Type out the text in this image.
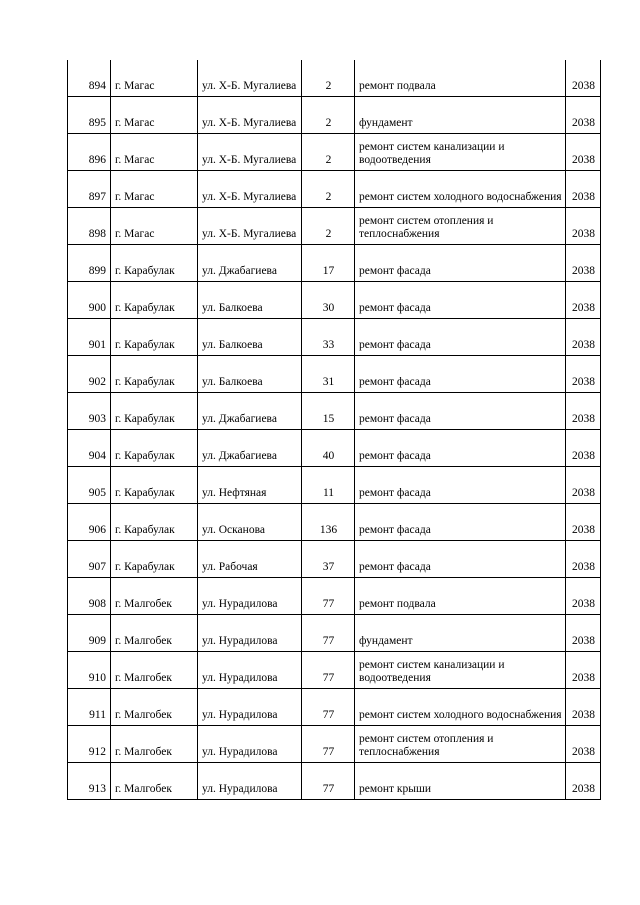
894	г. Магас	ул. Х-Б. Мугалиева	2	ремонт подвала	2038
895	г. Магас	ул. Х-Б. Мугалиева	2	фундамент	2038
896	г. Магас	ул. Х-Б. Мугалиева	2	ремонт систем канализации и водоотведения	2038
897	г. Магас	ул. Х-Б. Мугалиева	2	ремонт систем холодного водоснабжения	2038
898	г. Магас	ул. Х-Б. Мугалиева	2	ремонт систем отопления и теплоснабжения	2038
899	г. Карабулак	ул. Джабагиева	17	ремонт фасада	2038
900	г. Карабулак	ул. Балкоева	30	ремонт фасада	2038
901	г. Карабулак	ул. Балкоева	33	ремонт фасада	2038
902	г. Карабулак	ул. Балкоева	31	ремонт фасада	2038
903	г. Карабулак	ул. Джабагиева	15	ремонт фасада	2038
904	г. Карабулак	ул. Джабагиева	40	ремонт фасада	2038
905	г. Карабулак	ул. Нефтяная	11	ремонт фасада	2038
906	г. Карабулак	ул. Осканова	136	ремонт фасада	2038
907	г. Карабулак	ул. Рабочая	37	ремонт фасада	2038
908	г. Малгобек	ул. Нурадилова	77	ремонт подвала	2038
909	г. Малгобек	ул. Нурадилова	77	фундамент	2038
910	г. Малгобек	ул. Нурадилова	77	ремонт систем канализации и водоотведения	2038
911	г. Малгобек	ул. Нурадилова	77	ремонт систем холодного водоснабжения	2038
912	г. Малгобек	ул. Нурадилова	77	ремонт систем отопления и теплоснабжения	2038
913	г. Малгобек	ул. Нурадилова	77	ремонт крыши	2038
